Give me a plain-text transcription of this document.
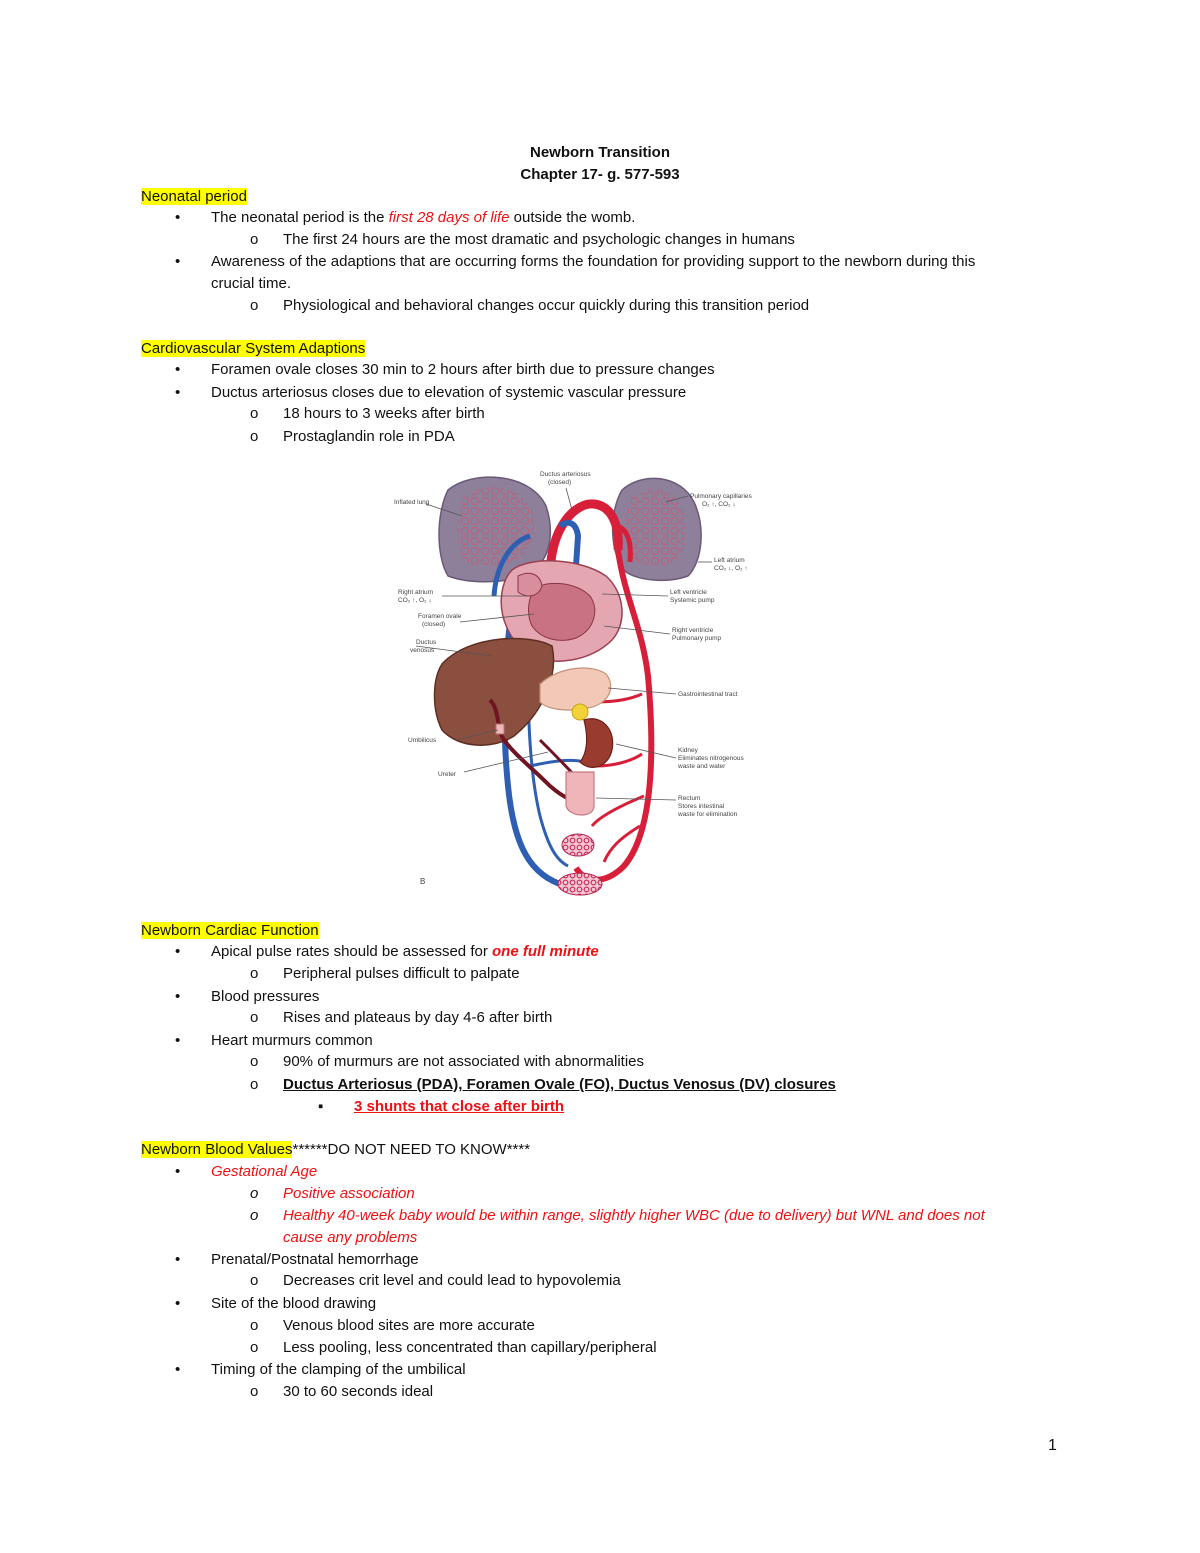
Newborn Transition
Chapter 17- g. 577-593
Neonatal period
• The neonatal period is the first 28 days of life outside the womb.
o The first 24 hours are the most dramatic and psychologic changes in humans
• Awareness of the adaptions that are occurring forms the foundation for providing support to the newborn during this
crucial time.
o Physiological and behavioral changes occur quickly during this transition period
Cardiovascular System Adaptions
• Foramen ovale closes 30 min to 2 hours after birth due to pressure changes
• Ductus arteriosus closes due to elevation of systemic vascular pressure
o 18 hours to 3 weeks after birth
o Prostaglandin role in PDA
Inflated lung
Ductus arteriosus
(closed)
Pulmonary capillaries
O₂ ↑, CO₂ ↓
Left atrium
CO₂ ↓, O₂ ↑
Right atrium
CO₂ ↑, O₂ ↓
Left ventricle
Systemic pump
Foramen ovale
(closed)
Right ventricle
Pulmonary pump
Ductus
venosus
Gastrointestinal tract
Umbilicus
Ureter
Kidney
Eliminates nitrogenous
waste and water
Rectum
Stores intestinal
waste for elimination
B
Newborn Cardiac Function
• Apical pulse rates should be assessed for one full minute
o Peripheral pulses difficult to palpate
• Blood pressures
o Rises and plateaus by day 4-6 after birth
• Heart murmurs common
o 90% of murmurs are not associated with abnormalities
o Ductus Arteriosus (PDA), Foramen Ovale (FO), Ductus Venosus (DV) closures
▪ 3 shunts that close after birth
Newborn Blood Values******DO NOT NEED TO KNOW****
• Gestational Age
o Positive association
o Healthy 40-week baby would be within range, slightly higher WBC (due to delivery) but WNL and does not
cause any problems
• Prenatal/Postnatal hemorrhage
o Decreases crit level and could lead to hypovolemia
• Site of the blood drawing
o Venous blood sites are more accurate
o Less pooling, less concentrated than capillary/peripheral
• Timing of the clamping of the umbilical
o 30 to 60 seconds ideal
1
